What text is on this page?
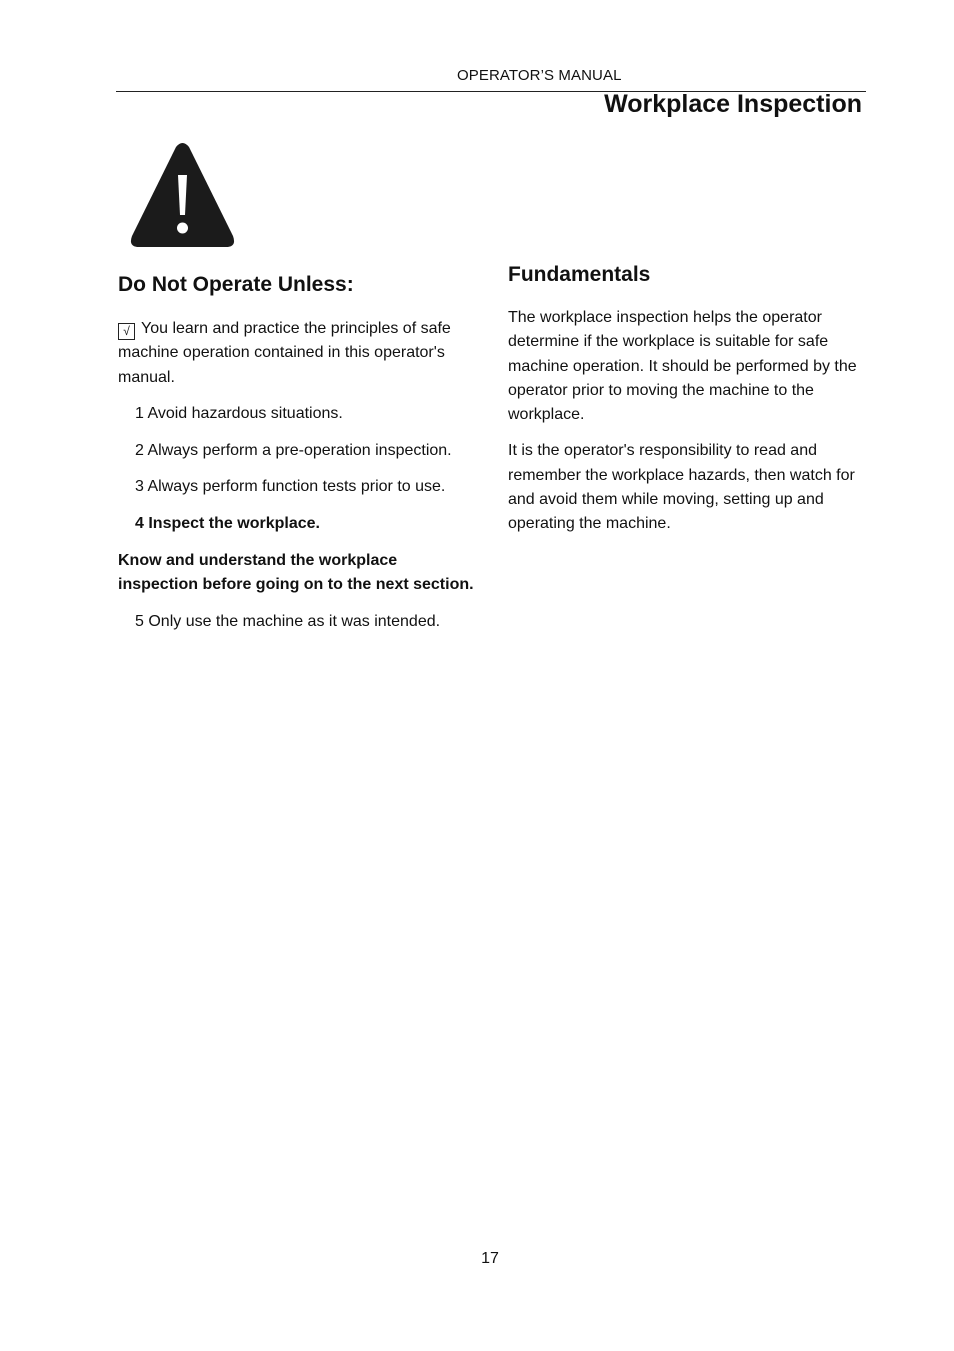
OPERATOR’S MANUAL
Workplace Inspection
Do Not Operate Unless:

√ You learn and practice the principles of safe machine operation contained in this operator's manual.

1 Avoid hazardous situations.

2 Always perform a pre-operation inspection.

3 Always perform function tests prior to use.

4 Inspect the workplace.

Know and understand the workplace inspection before going on to the next section.

5 Only use the machine as it was intended.

Fundamentals

The workplace inspection helps the operator determine if the workplace is suitable for safe machine operation. It should be performed by the operator prior to moving the machine to the workplace.

It is the operator's responsibility to read and remember the workplace hazards, then watch for and avoid them while moving, setting up and operating the machine.

17
